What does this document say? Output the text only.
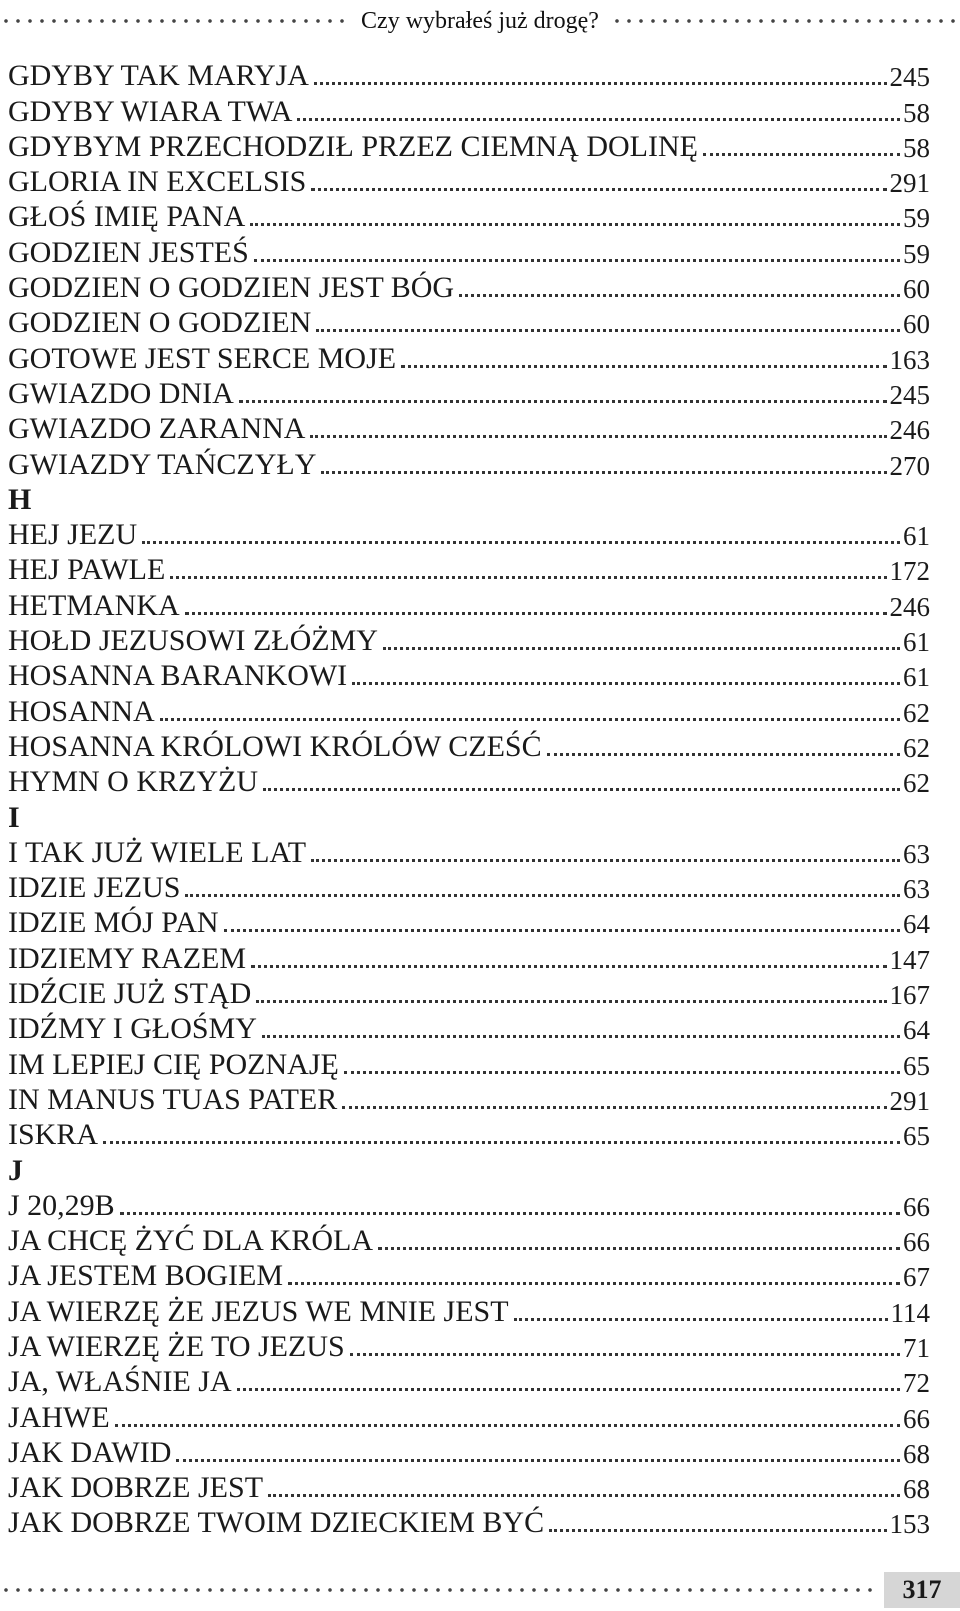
Czy wybrałeś już drogę?
GDYBY TAK MARYJA	245
GDYBY WIARA TWA	58
GDYBYM PRZECHODZIŁ PRZEZ CIEMNĄ DOLINĘ	58
GLORIA IN EXCELSIS	291
GŁOŚ IMIĘ PANA	59
GODZIEN JESTEŚ	59
GODZIEN O GODZIEN JEST BÓG	60
GODZIEN O GODZIEN	60
GOTOWE JEST SERCE MOJE	163
GWIAZDO DNIA	245
GWIAZDO ZARANNA	246
GWIAZDY TAŃCZYŁY	270
H
HEJ JEZU	61
HEJ PAWLE	172
HETMANKA	246
HOŁD JEZUSOWI ZŁÓŻMY	61
HOSANNA BARANKOWI	61
HOSANNA	62
HOSANNA KRÓLOWI KRÓLÓW CZEŚĆ	62
HYMN O KRZYŻU	62
I
I TAK JUŻ WIELE LAT	63
IDZIE JEZUS	63
IDZIE MÓJ PAN	64
IDZIEMY RAZEM	147
IDŹCIE JUŻ STĄD	167
IDŹMY I GŁOŚMY	64
IM LEPIEJ CIĘ POZNAJĘ	65
IN MANUS TUAS PATER	291
ISKRA	65
J
J 20,29B	66
JA CHCĘ ŻYĆ DLA KRÓLA	66
JA JESTEM BOGIEM	67
JA WIERZĘ ŻE JEZUS WE MNIE JEST	114
JA WIERZĘ ŻE TO JEZUS	71
JA, WŁAŚNIE JA	72
JAHWE	66
JAK DAWID	68
JAK DOBRZE JEST	68
JAK DOBRZE TWOIM DZIECKIEM BYĆ	153
317
